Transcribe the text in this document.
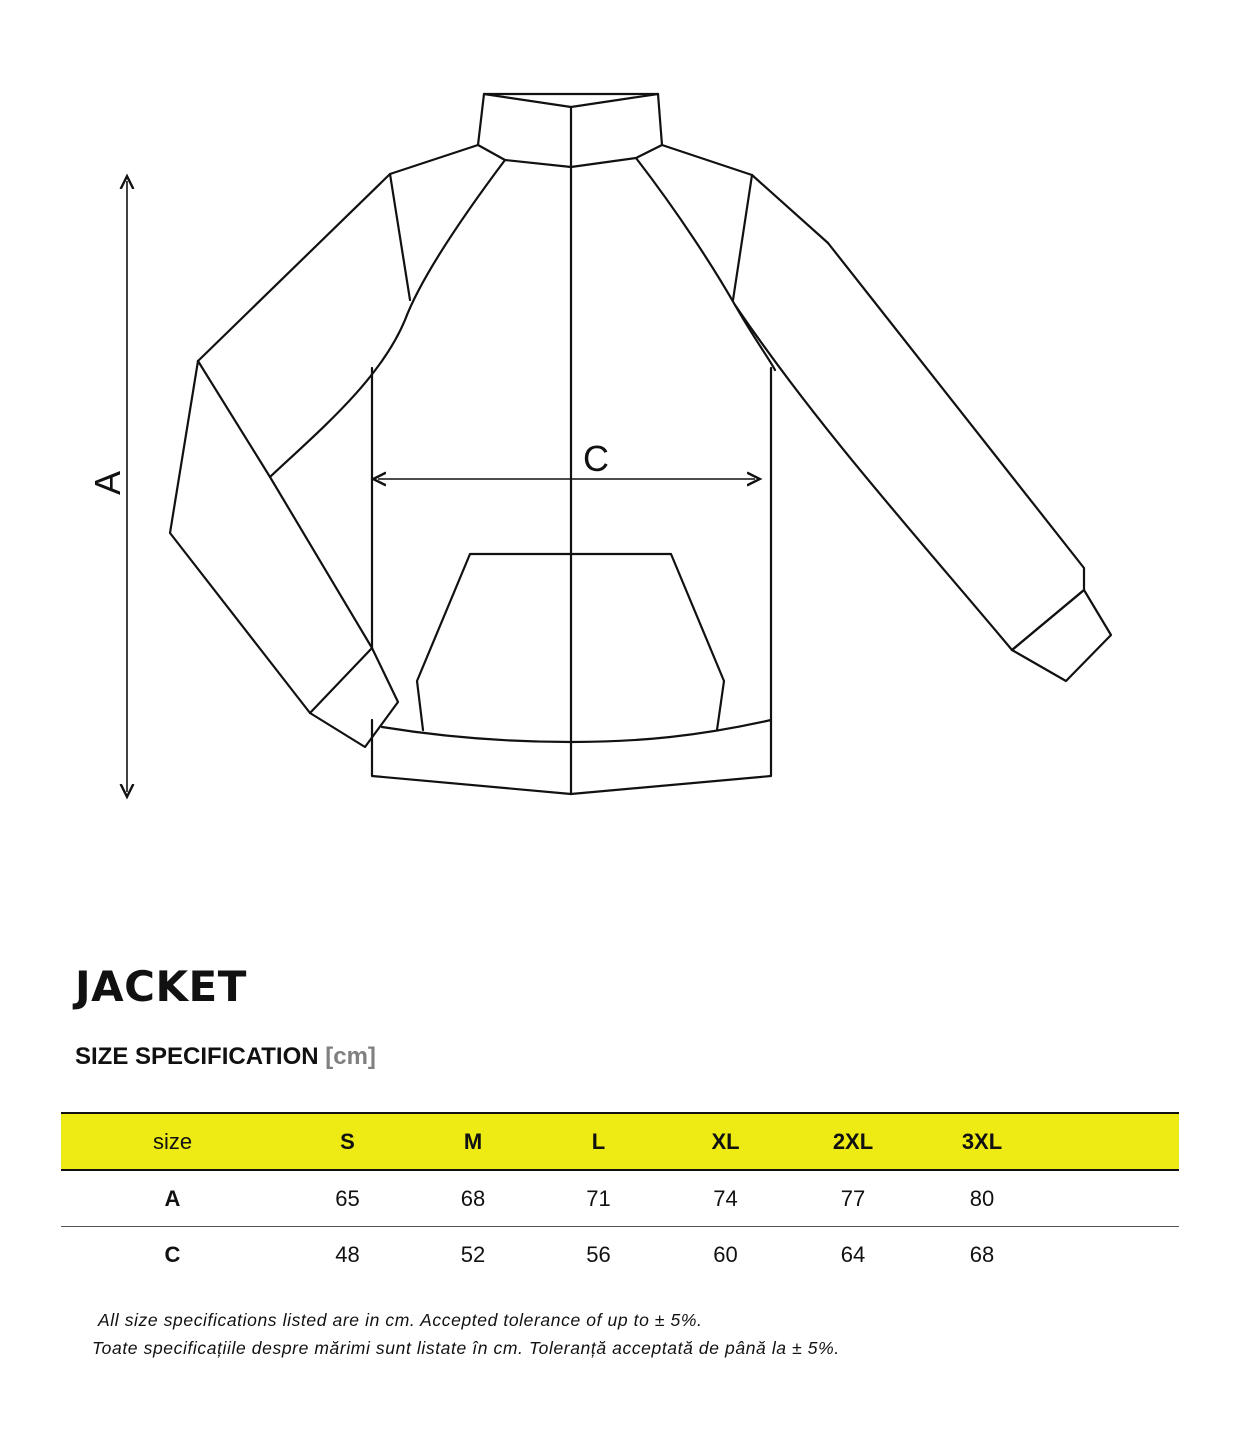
A
C
JACKET
SIZE SPECIFICATION [cm]
size	S	M	L	XL	2XL	3XL	
A	65	68	71	74	77	80	
C	48	52	56	60	64	68	
All size specifications listed are in cm. Accepted tolerance of up to ± 5%.
Toate specificațiile despre mărimi sunt listate în cm. Toleranță acceptată de până la ± 5%.
